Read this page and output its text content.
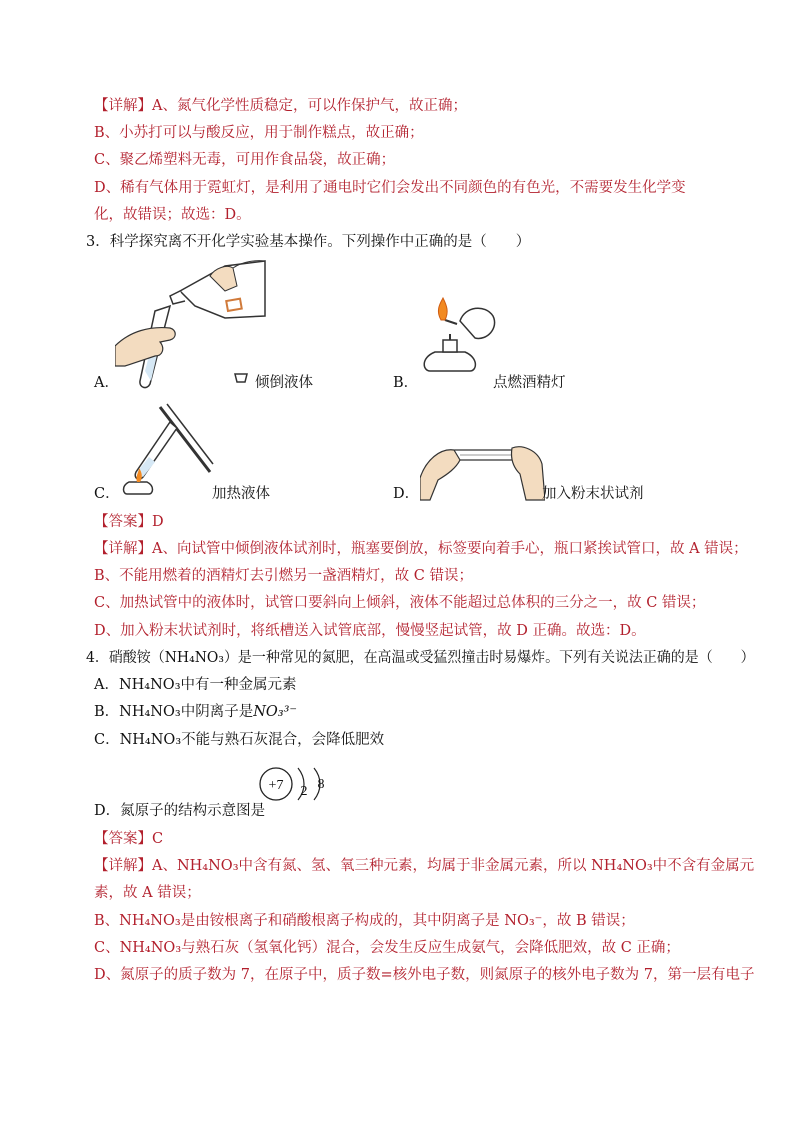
【详解】A、氮气化学性质稳定，可以作保护气，故正确；
B、小苏打可以与酸反应，用于制作糕点，故正确；
C、聚乙烯塑料无毒，可用作食品袋，故正确；
D、稀有气体用于霓虹灯，是利用了通电时它们会发出不同颜色的有色光，不需要发生化学变
化，故错误；故选：D。
3．科学探究离不开化学实验基本操作。下列操作中正确的是（　　）
A．	倾倒液体	B．	点燃酒精灯
C．	加热液体	D．	加入粉末状试剂
【答案】D
【详解】A、向试管中倾倒液体试剂时，瓶塞要倒放，标签要向着手心，瓶口紧挨试管口，故 A 错误；
B、不能用燃着的酒精灯去引燃另一盏酒精灯，故 C 错误；
C、加热试管中的液体时，试管口要斜向上倾斜，液体不能超过总体积的三分之一，故 C 错误；
D、加入粉末状试剂时，将纸槽送入试管底部，慢慢竖起试管，故 D 正确。故选：D。
4．硝酸铵（NH₄NO₃）是一种常见的氮肥，在高温或受猛烈撞击时易爆炸。下列有关说法正确的是（　　）
A．NH₄NO₃中有一种金属元素
B．NH₄NO₃中阴离子是NO₃³⁻
C．NH₄NO₃不能与熟石灰混合，会降低肥效
+7 2 8
D．氮原子的结构示意图是
【答案】C
【详解】A、NH₄NO₃中含有氮、氢、氧三种元素，均属于非金属元素，所以 NH₄NO₃中不含有金属元
素，故 A 错误；
B、NH₄NO₃是由铵根离子和硝酸根离子构成的，其中阴离子是 NO₃⁻，故 B 错误；
C、NH₄NO₃与熟石灰（氢氧化钙）混合，会发生反应生成氨气，会降低肥效，故 C 正确；
D、氮原子的质子数为 7，在原子中，质子数=核外电子数，则氮原子的核外电子数为 7，第一层有电子
